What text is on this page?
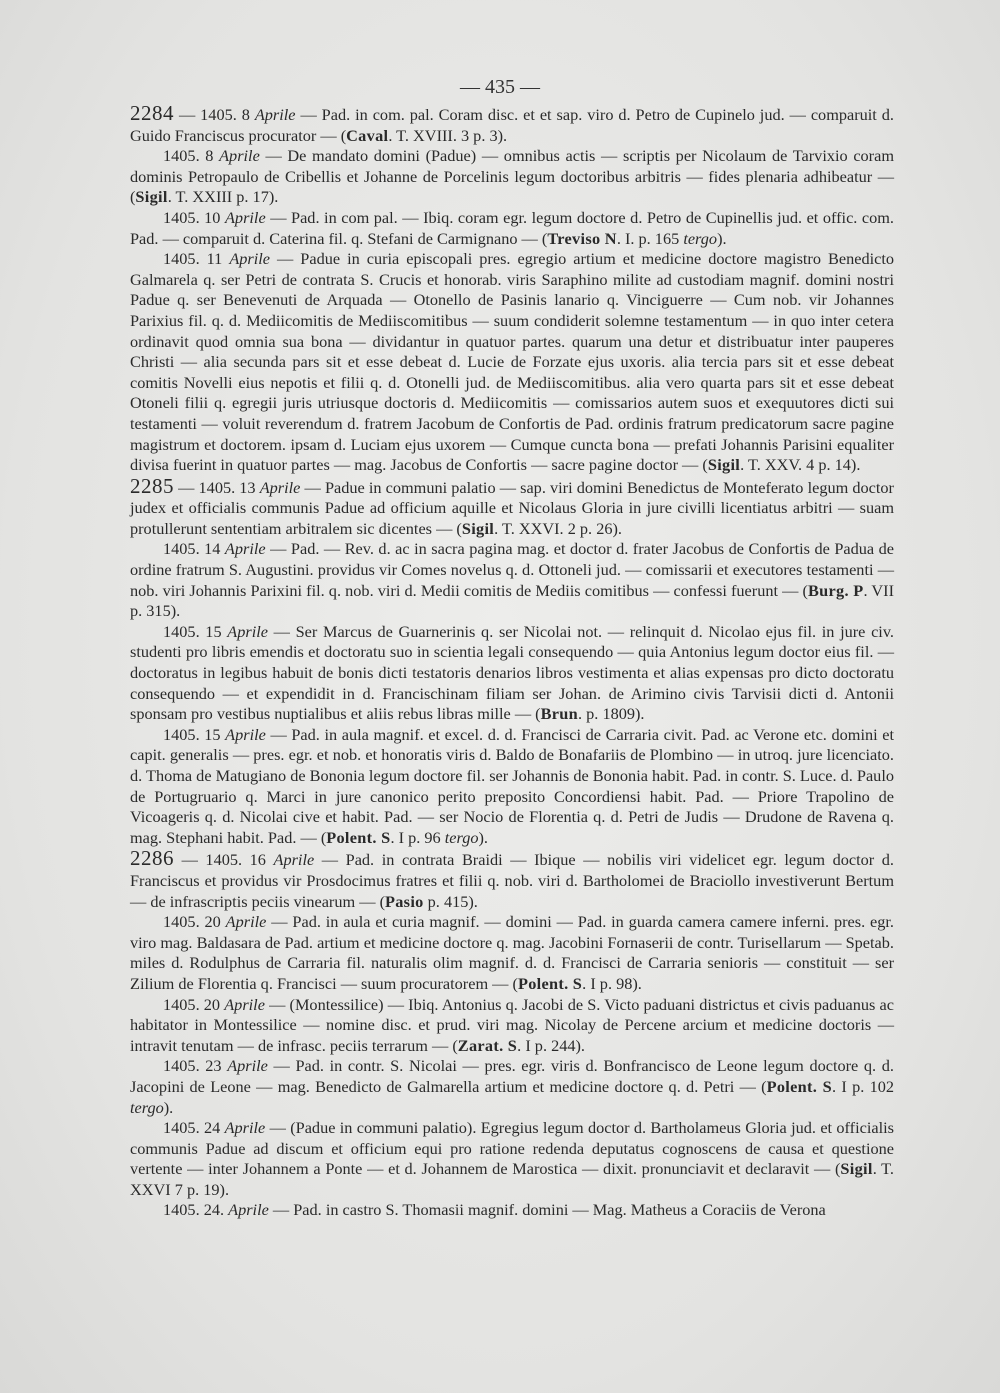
— 435 —

2284 — 1405. 8 Aprile — Pad. in com. pal. Coram disc. et et sap. viro d. Petro de Cupinelo jud. — comparuit d. Guido Franciscus procurator — (Caval. T. XVIII. 3 p. 3).

1405. 8 Aprile — De mandato domini (Padue) — omnibus actis — scriptis per Nicolaum de Tarvixio coram dominis Petropaulo de Cribellis et Johanne de Porcelinis legum doctoribus arbitris — fides plenaria adhibeatur — (Sigil. T. XXIII p. 17).

1405. 10 Aprile — Pad. in com pal. — Ibiq. coram egr. legum doctore d. Petro de Cupinellis jud. et offic. com. Pad. — comparuit d. Caterina fil. q. Stefani de Carmignano — (Treviso N. I. p. 165 tergo).

1405. 11 Aprile — Padue in curia episcopali pres. egregio artium et medicine doctore magistro Benedicto Galmarela q. ser Petri de contrata S. Crucis et honorab. viris Saraphino milite ad custodiam magnif. domini nostri Padue q. ser Benevenuti de Arquada — Otonello de Pasinis lanario q. Vinciguerre — Cum nob. vir Johannes Parixius fil. q. d. Mediicomitis de Mediiscomitibus — suum condiderit solemne testamentum — in quo inter cetera ordinavit quod omnia sua bona — dividantur in quatuor partes. quarum una detur et distribuatur inter pauperes Christi — alia secunda pars sit et esse debeat d. Lucie de Forzate ejus uxoris. alia tercia pars sit et esse debeat comitis Novelli eius nepotis et filii q. d. Otonelli jud. de Mediiscomitibus. alia vero quarta pars sit et esse debeat Otoneli filii q. egregii juris utriusque doctoris d. Mediicomitis — comissarios autem suos et exequutores dicti sui testamenti — voluit reverendum d. fratrem Jacobum de Confortis de Pad. ordinis fratrum predicatorum sacre pagine magistrum et doctorem. ipsam d. Luciam ejus uxorem — Cumque cuncta bona — prefati Johannis Parisini equaliter divisa fuerint in quatuor partes — mag. Jacobus de Confortis — sacre pagine doctor — (Sigil. T. XXV. 4 p. 14).

2285 — 1405. 13 Aprile — Padue in communi palatio — sap. viri domini Benedictus de Monteferato legum doctor judex et officialis communis Padue ad officium aquille et Nicolaus Gloria in jure civilli licentiatus arbitri — suam protullerunt sententiam arbitralem sic dicentes — (Sigil. T. XXVI. 2 p. 26).

1405. 14 Aprile — Pad. — Rev. d. ac in sacra pagina mag. et doctor d. frater Jacobus de Confortis de Padua de ordine fratrum S. Augustini. providus vir Comes novelus q. d. Ottoneli jud. — comissarii et executores testamenti — nob. viri Johannis Parixini fil. q. nob. viri d. Medii comitis de Mediis comitibus — confessi fuerunt — (Burg. P. VII p. 315).

1405. 15 Aprile — Ser Marcus de Guarnerinis q. ser Nicolai not. — relinquit d. Nicolao ejus fil. in jure civ. studenti pro libris emendis et doctoratu suo in scientia legali consequendo — quia Antonius legum doctor eius fil. — doctoratus in legibus habuit de bonis dicti testatoris denarios libros vestimenta et alias expensas pro dicto doctoratu consequendo — et expendidit in d. Francischinam filiam ser Johan. de Arimino civis Tarvisii dicti d. Antonii sponsam pro vestibus nuptialibus et aliis rebus libras mille — (Brun. p. 1809).

1405. 15 Aprile — Pad. in aula magnif. et excel. d. d. Francisci de Carraria civit. Pad. ac Verone etc. domini et capit. generalis — pres. egr. et nob. et honoratis viris d. Baldo de Bonafariis de Plombino — in utroq. jure licenciato. d. Thoma de Matugiano de Bononia legum doctore fil. ser Johannis de Bononia habit. Pad. in contr. S. Luce. d. Paulo de Portugruario q. Marci in jure canonico perito preposito Concordiensi habit. Pad. — Priore Trapolino de Vicoageris q. d. Nicolai cive et habit. Pad. — ser Nocio de Florentia q. d. Petri de Judis — Drudone de Ravena q. mag. Stephani habit. Pad. — (Polent. S. I p. 96 tergo).

2286 — 1405. 16 Aprile — Pad. in contrata Braidi — Ibique — nobilis viri videlicet egr. legum doctor d. Franciscus et providus vir Prosdocimus fratres et filii q. nob. viri d. Bartholomei de Braciollo investiverunt Bertum — de infrascriptis peciis vinearum — (Pasio p. 415).

1405. 20 Aprile — Pad. in aula et curia magnif. — domini — Pad. in guarda camera camere inferni. pres. egr. viro mag. Baldasara de Pad. artium et medicine doctore q. mag. Jacobini Fornaserii de contr. Turisellarum — Spetab. miles d. Rodulphus de Carraria fil. naturalis olim magnif. d. d. Francisci de Carraria senioris — constituit — ser Zilium de Florentia q. Francisci — suum procuratorem — (Polent. S. I p. 98).

1405. 20 Aprile — (Montessilice) — Ibiq. Antonius q. Jacobi de S. Victo paduani districtus et civis paduanus ac habitator in Montessilice — nomine disc. et prud. viri mag. Nicolay de Percene arcium et medicine doctoris — intravit tenutam — de infrasc. peciis terrarum — (Zarat. S. I p. 244).

1405. 23 Aprile — Pad. in contr. S. Nicolai — pres. egr. viris d. Bonfrancisco de Leone legum doctore q. d. Jacopini de Leone — mag. Benedicto de Galmarella artium et medicine doctore q. d. Petri — (Polent. S. I p. 102 tergo).

1405. 24 Aprile — (Padue in communi palatio). Egregius legum doctor d. Bartholameus Gloria jud. et officialis communis Padue ad discum et officium equi pro ratione redenda deputatus cognoscens de causa et questione vertente — inter Johannem a Ponte — et d. Johannem de Marostica — dixit. pronunciavit et declaravit — (Sigil. T. XXVI 7 p. 19).

1405. 24. Aprile — Pad. in castro S. Thomasii magnif. domini — Mag. Matheus a Coraciis de Verona
